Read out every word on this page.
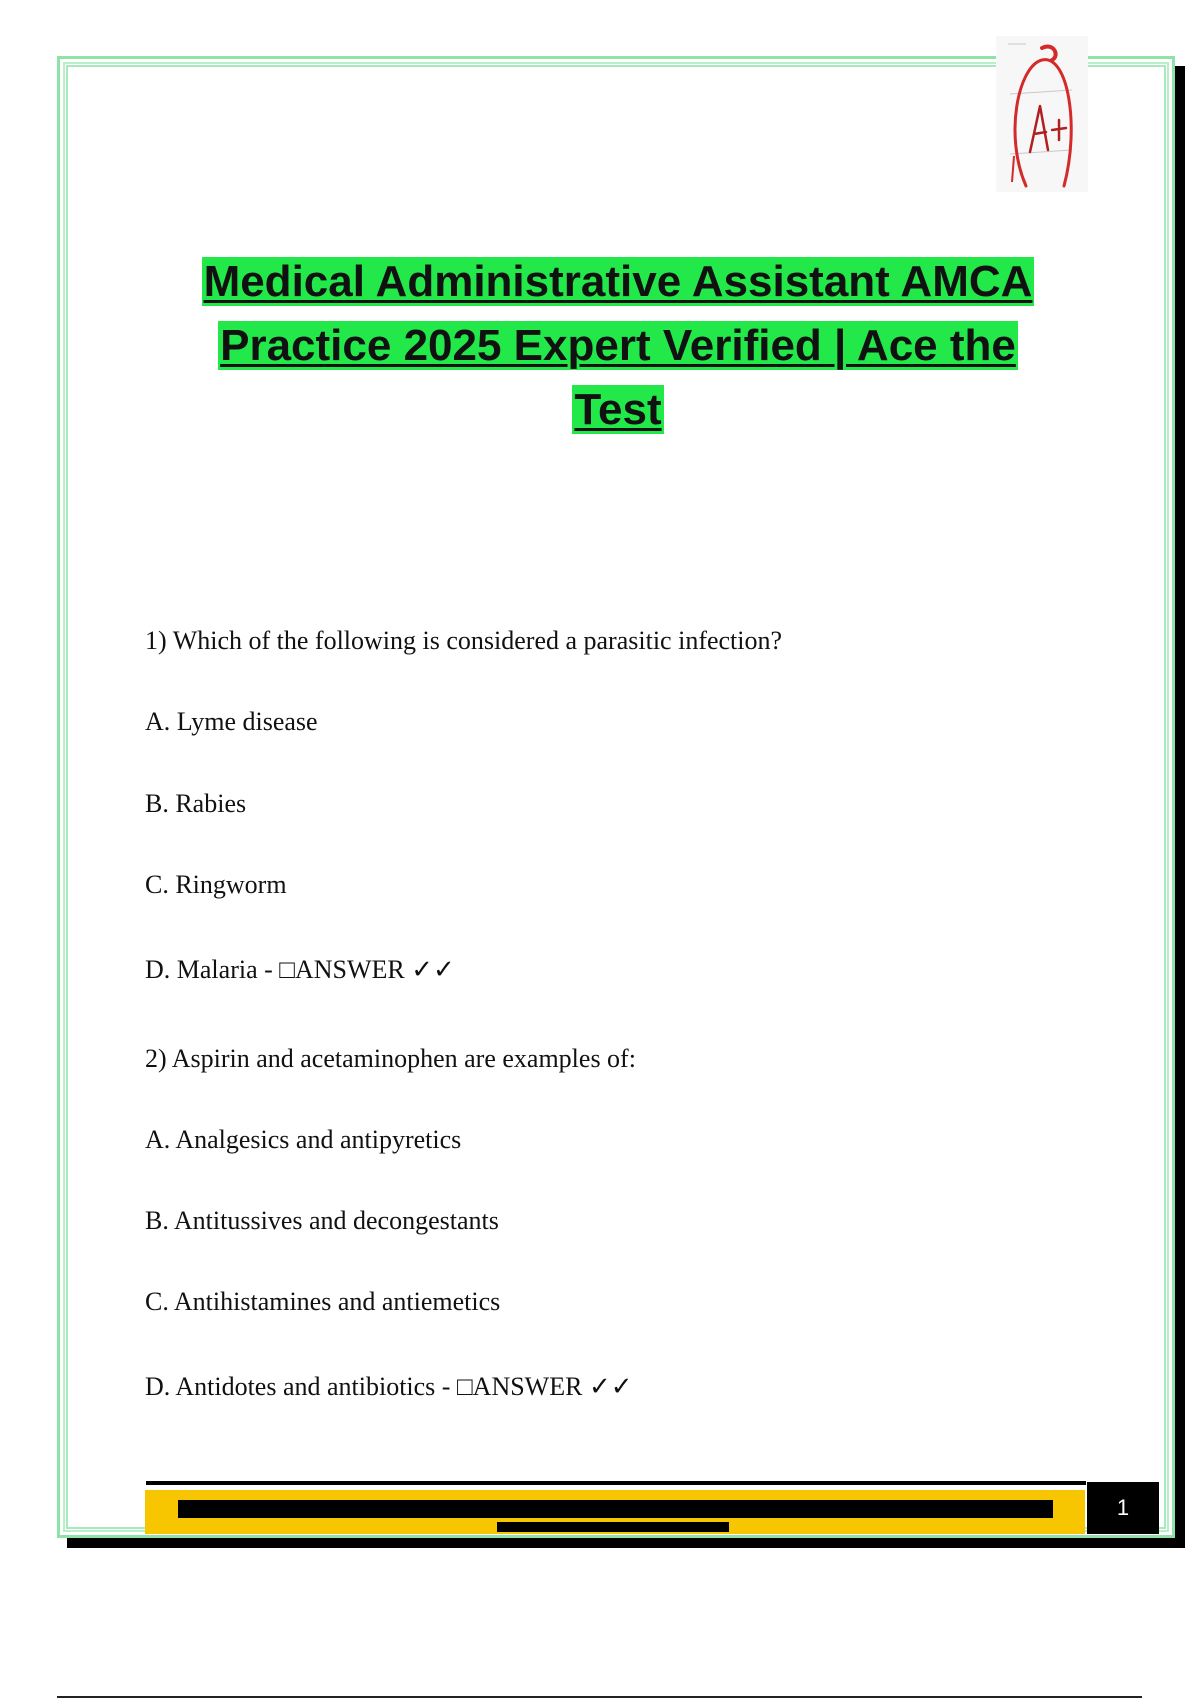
Medical Administrative Assistant AMCA
Practice 2025 Expert Verified | Ace the
Test
1) Which of the following is considered a parasitic infection?
A. Lyme disease
B. Rabies
C. Ringworm
D. Malaria - □ANSWER ✓✓
2) Aspirin and acetaminophen are examples of:
A. Analgesics and antipyretics
B. Antitussives and decongestants
C. Antihistamines and antiemetics
D. Antidotes and antibiotics - □ANSWER ✓✓
1
